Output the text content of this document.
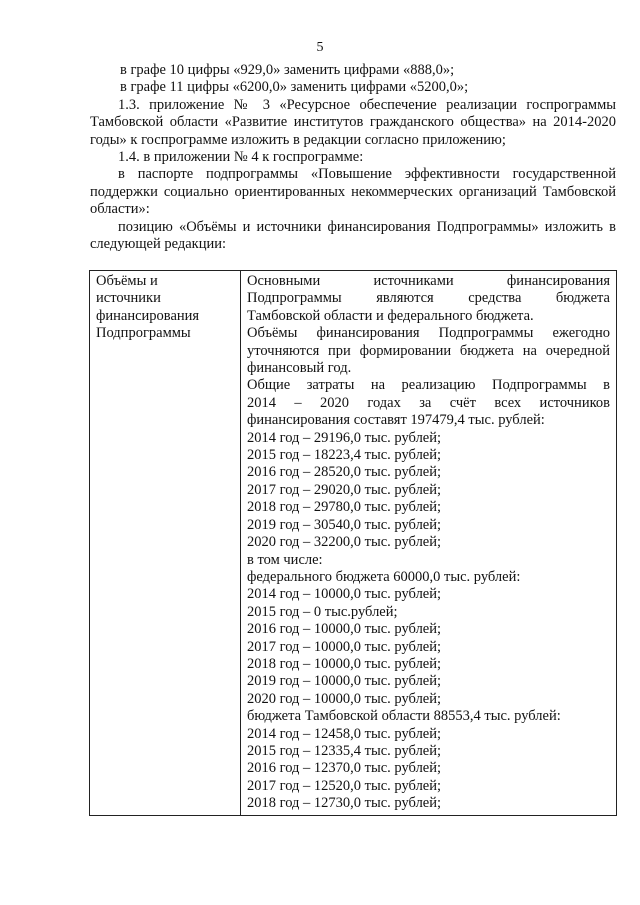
5

в графе 10 цифры «929,0» заменить цифрами «888,0»;

в графе 11 цифры «6200,0» заменить цифрами «5200,0»;

1.3. приложение № 3 «Ресурсное обеспечение реализации госпрограммы Тамбовской области «Развитие институтов гражданского общества» на 2014-2020 годы» к госпрограмме изложить в редакции согласно приложению;

1.4. в приложении № 4 к госпрограмме:

в паспорте подпрограммы «Повышение эффективности государственной поддержки социально ориентированных некоммерческих организаций Тамбовской области»:

позицию «Объёмы и источники финансирования Подпрограммы» изложить в следующей редакции:

Объёмы и
источники
финансирования
Подпрограммы

Основными источниками финансирования
Подпрограммы являются средства бюджета
Тамбовской области и федерального бюджета.
Объёмы финансирования Подпрограммы ежегодно
уточняются при формировании бюджета на очередной
финансовый год.
Общие затраты на реализацию Подпрограммы в
2014 – 2020 годах за счёт всех источников
финансирования составят 197479,4 тыс. рублей:
2014 год – 29196,0 тыс. рублей;
2015 год – 18223,4 тыс. рублей;
2016 год – 28520,0 тыс. рублей;
2017 год – 29020,0 тыс. рублей;
2018 год – 29780,0 тыс. рублей;
2019 год – 30540,0 тыс. рублей;
2020 год – 32200,0 тыс. рублей;
в том числе:
федерального бюджета 60000,0 тыс. рублей:
2014 год – 10000,0 тыс. рублей;
2015 год – 0 тыс.рублей;
2016 год – 10000,0 тыс. рублей;
2017 год – 10000,0 тыс. рублей;
2018 год – 10000,0 тыс. рублей;
2019 год – 10000,0 тыс. рублей;
2020 год – 10000,0 тыс. рублей;
бюджета Тамбовской области 88553,4 тыс. рублей:
2014 год – 12458,0 тыс. рублей;
2015 год – 12335,4 тыс. рублей;
2016 год – 12370,0 тыс. рублей;
2017 год – 12520,0 тыс. рублей;
2018 год – 12730,0 тыс. рублей;
